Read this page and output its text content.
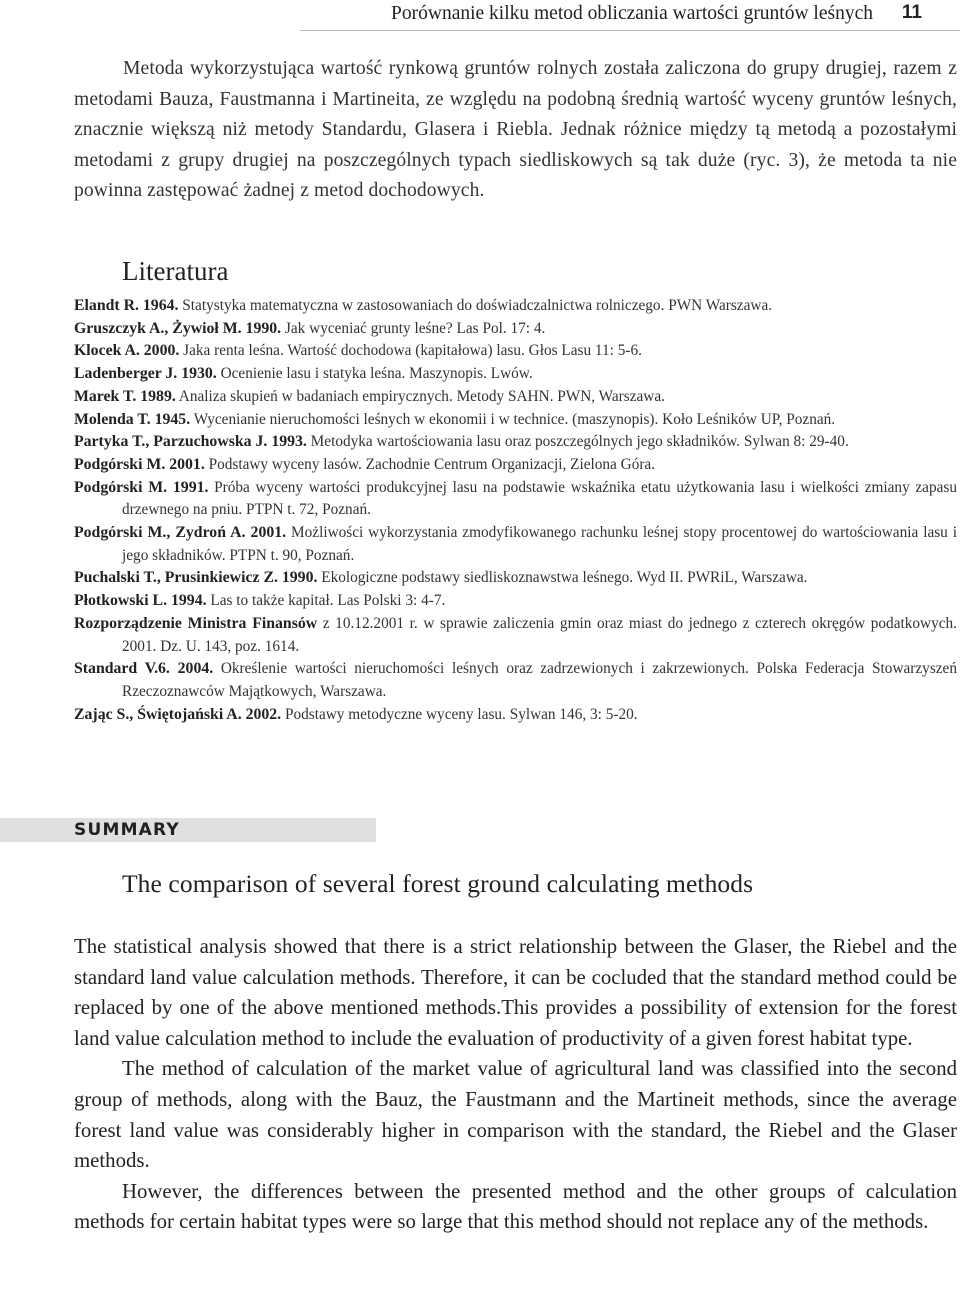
Porównanie kilku metod obliczania wartości gruntów leśnych 11

Metoda wykorzystująca wartość rynkową gruntów rolnych została zaliczona do grupy drugiej, razem z metodami Bauza, Faustmanna i Martineita, ze względu na podobną średnią wartość wyceny gruntów leśnych, znacznie większą niż metody Standardu, Glasera i Riebla. Jednak różnice między tą metodą a pozostałymi metodami z grupy drugiej na poszczególnych typach siedliskowych są tak duże (ryc. 3), że metoda ta nie powinna zastępować żadnej z metod dochodowych.

Literatura
Elandt R. 1964. Statystyka matematyczna w zastosowaniach do doświadczalnictwa rolniczego. PWN Warszawa.
Gruszczyk A., Żywioł M. 1990. Jak wyceniać grunty leśne? Las Pol. 17: 4.
Klocek A. 2000. Jaka renta leśna. Wartość dochodowa (kapitałowa) lasu. Głos Lasu 11: 5-6.
Ladenberger J. 1930. Ocenienie lasu i statyka leśna. Maszynopis. Lwów.
Marek T. 1989. Analiza skupień w badaniach empirycznych. Metody SAHN. PWN, Warszawa.
Molenda T. 1945. Wycenianie nieruchomości leśnych w ekonomii i w technice. (maszynopis). Koło Leśników UP, Poznań.
Partyka T., Parzuchowska J. 1993. Metodyka wartościowania lasu oraz poszczególnych jego składników. Sylwan 8: 29-40.
Podgórski M. 2001. Podstawy wyceny lasów. Zachodnie Centrum Organizacji, Zielona Góra.
Podgórski M. 1991. Próba wyceny wartości produkcyjnej lasu na podstawie wskaźnika etatu użytkowania lasu i wielkości zmiany zapasu drzewnego na pniu. PTPN t. 72, Poznań.
Podgórski M., Zydroń A. 2001. Możliwości wykorzystania zmodyfikowanego rachunku leśnej stopy procentowej do wartościowania lasu i jego składników. PTPN t. 90, Poznań.
Puchalski T., Prusinkiewicz Z. 1990. Ekologiczne podstawy siedliskoznawstwa leśnego. Wyd II. PWRiL, Warszawa.
Płotkowski L. 1994. Las to także kapitał. Las Polski 3: 4-7.
Rozporządzenie Ministra Finansów z 10.12.2001 r. w sprawie zaliczenia gmin oraz miast do jednego z czterech okręgów podatkowych. 2001. Dz. U. 143, poz. 1614.
Standard V.6. 2004. Określenie wartości nieruchomości leśnych oraz zadrzewionych i zakrzewionych. Polska Federacja Stowarzyszeń Rzeczoznawców Majątkowych, Warszawa.
Zając S., Świętojański A. 2002. Podstawy metodyczne wyceny lasu. Sylwan 146, 3: 5-20.
SUMMARY
The comparison of several forest ground calculating methods

The statistical analysis showed that there is a strict relationship between the Glaser, the Riebel and the standard land value calculation methods. Therefore, it can be cocluded that the standard method could be replaced by one of the above mentioned methods.This provides a possibility of extension for the forest land value calculation method to include the evaluation of productivity of a given forest habitat type.

The method of calculation of the market value of agricultural land was classified into the second group of methods, along with the Bauz, the Faustmann and the Martineit methods, since the average forest land value was considerably higher in comparison with the standard, the Riebel and the Glaser methods.

However, the differences between the presented method and the other groups of calculation methods for certain habitat types were so large that this method should not replace any of the methods.
